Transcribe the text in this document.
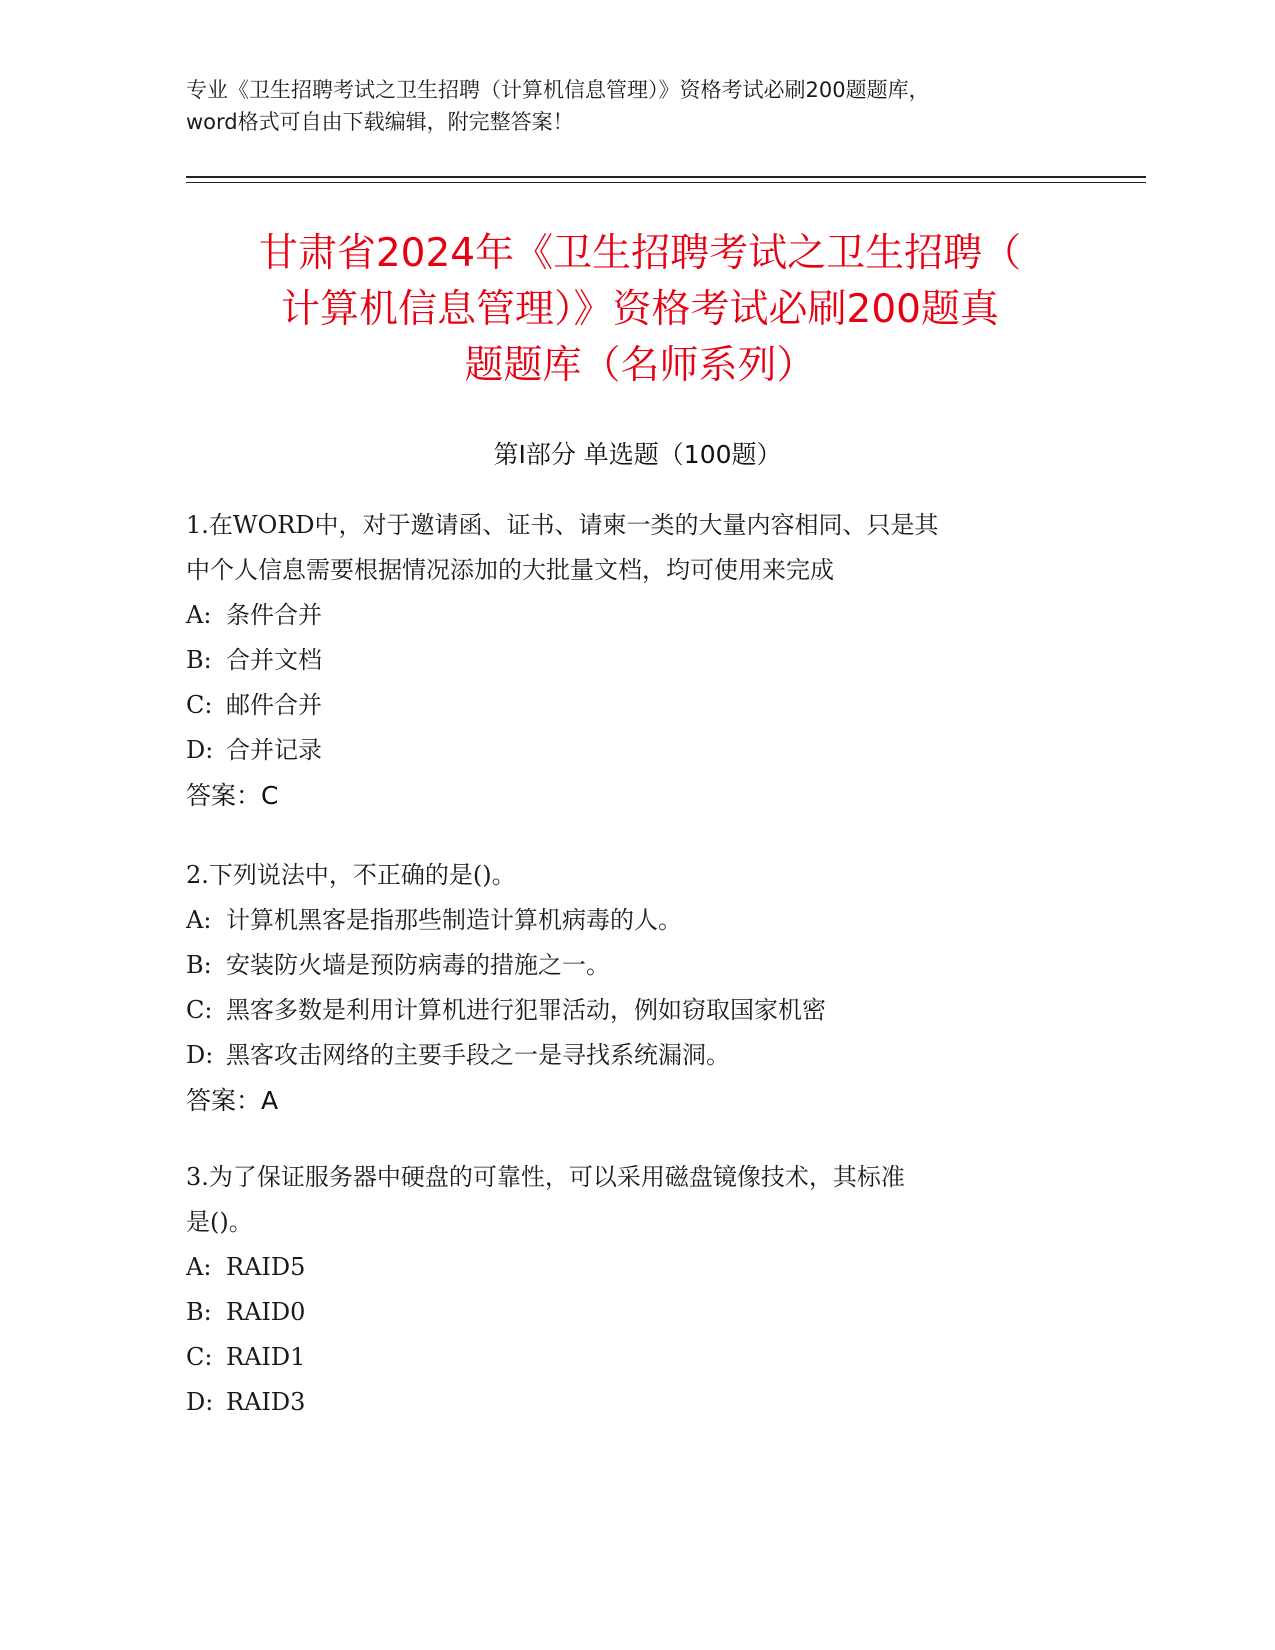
专业《卫生招聘考试之卫生招聘（计算机信息管理）》资格考试必刷200题题库，
word格式可自由下载编辑，附完整答案！
甘肃省2024年《卫生招聘考试之卫生招聘（
计算机信息管理）》资格考试必刷200题真
题题库（名师系列）
第Ⅰ部分 单选题（100题）
1.在WORD中，对于邀请函、证书、请柬一类的大量内容相同、只是其
中个人信息需要根据情况添加的大批量文档，均可使用来完成
A: 条件合并
B: 合并文档
C: 邮件合并
D: 合并记录
答案：C
2.下列说法中，不正确的是()。
A: 计算机黑客是指那些制造计算机病毒的人。
B: 安装防火墙是预防病毒的措施之一。
C: 黑客多数是利用计算机进行犯罪活动，例如窃取国家机密
D: 黑客攻击网络的主要手段之一是寻找系统漏洞。
答案：A
3.为了保证服务器中硬盘的可靠性，可以采用磁盘镜像技术，其标准
是()。
A: RAID5
B: RAID0
C: RAID1
D: RAID3
